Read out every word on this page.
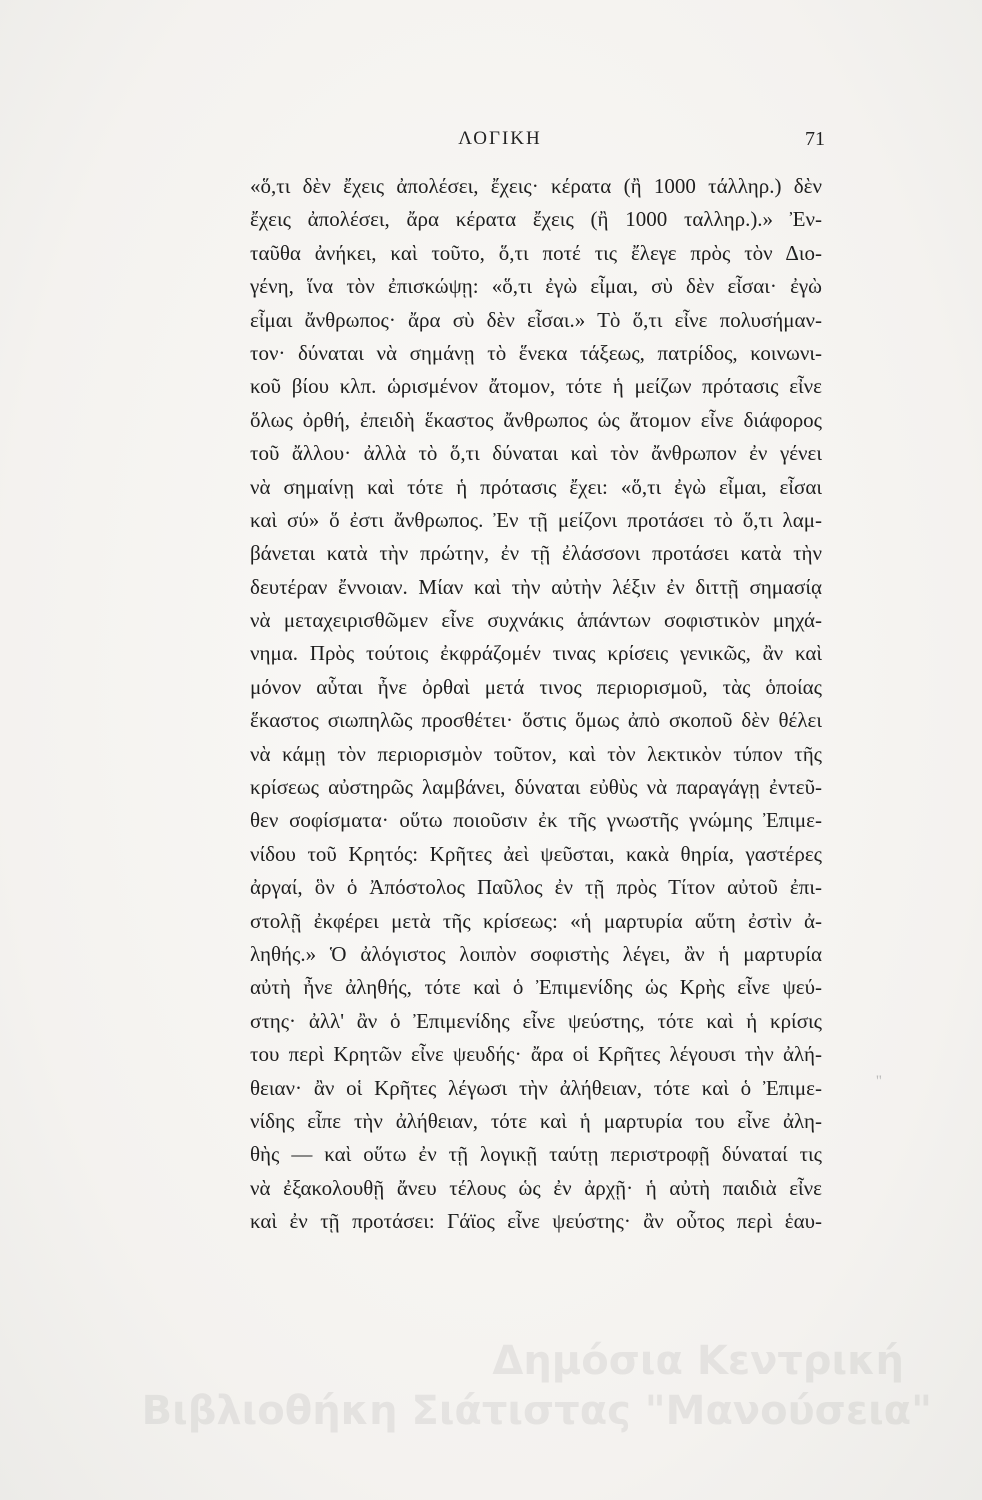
ΛΟΓΙΚΗ	71
«ὅ,τι δὲν ἔχεις ἀπολέσει, ἔχεις· κέρατα (ἢ 1000 τάλληρ.) δὲν
ἔχεις ἀπολέσει, ἄρα κέρατα ἔχεις (ἢ 1000 ταλληρ.).» Ἐν-
ταῦθα ἀνήκει, καὶ τοῦτο, ὅ,τι ποτέ τις ἔλεγε πρὸς τὸν Διο-
γένη, ἵνα τὸν ἐπισκώψῃ: «ὅ,τι ἐγὼ εἶμαι, σὺ δὲν εἶσαι· ἐγὼ
εἶμαι ἄνθρωπος· ἄρα σὺ δὲν εἶσαι.» Τὸ ὅ,τι εἶνε πολυσήμαν-
τον· δύναται νὰ σημάνῃ τὸ ἕνεκα τάξεως, πατρίδος, κοινωνι-
κοῦ βίου κλπ. ὡρισμένον ἄτομον, τότε ἡ μείζων πρότασις εἶνε
ὅλως ὀρθή, ἐπειδὴ ἕκαστος ἄνθρωπος ὡς ἄτομον εἶνε διάφορος
τοῦ ἄλλου· ἀλλὰ τὸ ὅ,τι δύναται καὶ τὸν ἄνθρωπον ἐν γένει
νὰ σημαίνῃ καὶ τότε ἡ πρότασις ἔχει: «ὅ,τι ἐγὼ εἶμαι, εἶσαι
καὶ σύ» ὅ ἐστι ἄνθρωπος. Ἐν τῇ μείζονι προτάσει τὸ ὅ,τι λαμ-
βάνεται κατὰ τὴν πρώτην, ἐν τῇ ἐλάσσονι προτάσει κατὰ τὴν
δευτέραν ἔννοιαν. Μίαν καὶ τὴν αὐτὴν λέξιν ἐν διττῇ σημασίᾳ
νὰ μεταχειρισθῶμεν εἶνε συχνάκις ἁπάντων σοφιστικὸν μηχά-
νημα. Πρὸς τούτοις ἐκφράζομέν τινας κρίσεις γενικῶς, ἂν καὶ
μόνον αὗται ἦνε ὀρθαὶ μετά τινος περιορισμοῦ, τὰς ὁποίας
ἕκαστος σιωπηλῶς προσθέτει· ὅστις ὅμως ἀπὸ σκοποῦ δὲν θέλει
νὰ κάμῃ τὸν περιορισμὸν τοῦτον, καὶ τὸν λεκτικὸν τύπον τῆς
κρίσεως αὐστηρῶς λαμβάνει, δύναται εὐθὺς νὰ παραγάγῃ ἐντεῦ-
θεν σοφίσματα· οὕτω ποιοῦσιν ἐκ τῆς γνωστῆς γνώμης Ἐπιμε-
νίδου τοῦ Κρητός: Κρῆτες ἀεὶ ψεῦσται, κακὰ θηρία, γαστέρες
ἀργαί, ὃν ὁ Ἀπόστολος Παῦλος ἐν τῇ πρὸς Τίτον αὐτοῦ ἐπι-
στολῇ ἐκφέρει μετὰ τῆς κρίσεως: «ἡ μαρτυρία αὕτη ἐστὶν ἀ-
ληθής.» Ὁ ἀλόγιστος λοιπὸν σοφιστὴς λέγει, ἂν ἡ μαρτυρία
αὐτὴ ἦνε ἀληθής, τότε καὶ ὁ Ἐπιμενίδης ὡς Κρὴς εἶνε ψεύ-
στης· ἀλλ' ἂν ὁ Ἐπιμενίδης εἶνε ψεύστης, τότε καὶ ἡ κρίσις
του περὶ Κρητῶν εἶνε ψευδής· ἄρα οἱ Κρῆτες λέγουσι τὴν ἀλή-
θειαν· ἂν οἱ Κρῆτες λέγωσι τὴν ἀλήθειαν, τότε καὶ ὁ Ἐπιμε-
νίδης εἶπε τὴν ἀλήθειαν, τότε καὶ ἡ μαρτυρία του εἶνε ἀλη-
θὴς — καὶ οὕτω ἐν τῇ λογικῇ ταύτῃ περιστροφῇ δύναταί τις
νὰ ἐξακολουθῇ ἄνευ τέλους ὡς ἐν ἀρχῇ· ἡ αὐτὴ παιδιὰ εἶνε
καὶ ἐν τῇ προτάσει: Γάϊος εἶνε ψεύστης· ἂν οὗτος περὶ ἑαυ-
''
Δημόσια Κεντρική
Βιβλιοθήκη Σιάτιστας "Μανούσεια"
